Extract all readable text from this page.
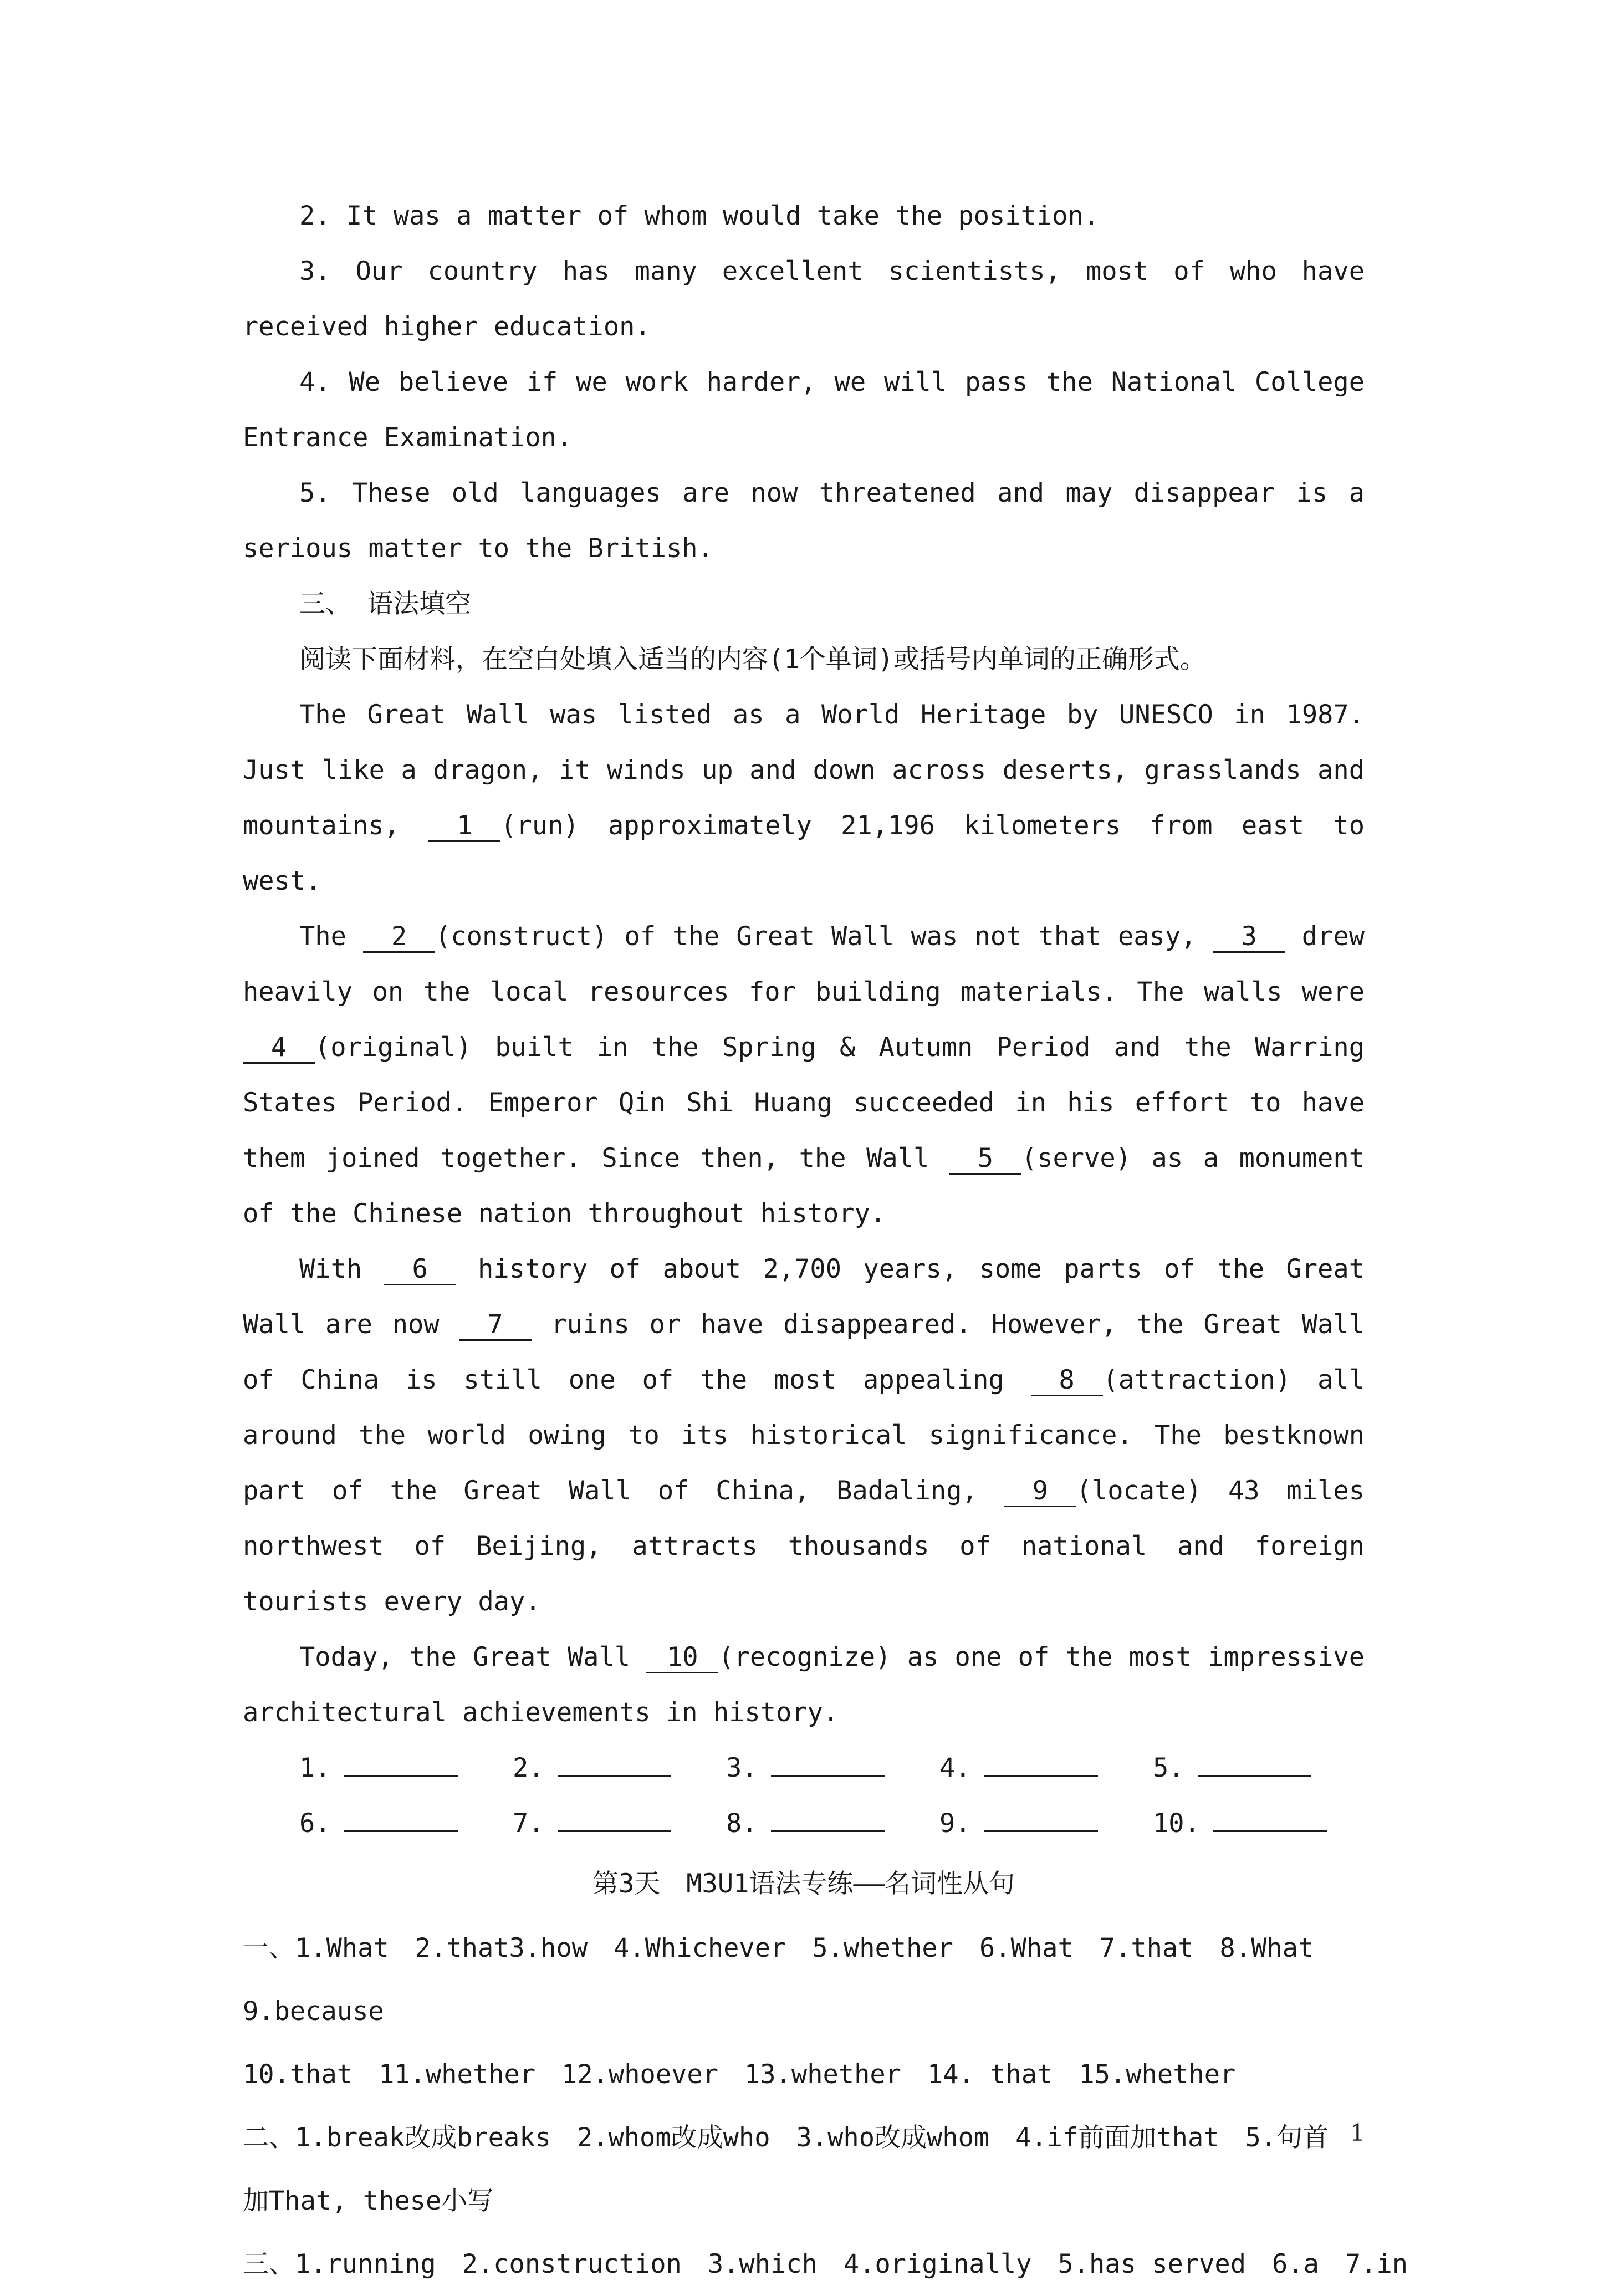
2. It was a matter of whom would take the position.

3. Our country has many excellent scientists, most of who have received higher education.

4. We believe if we work harder, we will pass the National College Entrance Examination.

5. These old languages are now threatened and may disappear is a serious matter to the British.

三、 语法填空

阅读下面材料，在空白处填入适当的内容(1个单词)或括号内单词的正确形式。

The Great Wall was listed as a World Heritage by UNESCO in 1987. Just like a dragon, it winds up and down across deserts, grasslands and mountains, 1 (run) approximately 21,196 kilometers from east to west.

The 2 (construct) of the Great Wall was not that easy, 3 drew heavily on the local resources for building materials. The walls were 4 (original) built in the Spring & Autumn Period and the Warring States Period. Emperor Qin Shi Huang succeeded in his effort to have them joined together. Since then, the Wall 5 (serve) as a monument of the Chinese nation throughout history.

With 6 history of about 2,700 years, some parts of the Great Wall are now 7 ruins or have disappeared. However, the Great Wall of China is still one of the most appealing 8 (attraction) all around the world owing to its historical significance. The bestknown part of the Great Wall of China, Badaling, 9 (locate) 43 miles northwest of Beijing, attracts thousands of national and foreign tourists every day.

Today, the Great Wall 10 (recognize) as one of the most impressive architectural achievements in history.

1.	2.	3.	4.	5.
6.	7.	8.	9.	10.

第3天　M3U1语法专练——名词性从句

一、1.What　2.that3.how　4.Whichever　5.whether　6.What　7.that　8.What　9.because

10.that　11.whether　12.whoever　13.whether　14. that　15.whether

二、1.break改成breaks　2.whom改成who　3.who改成whom　4.if前面加that　5.句首

加That, these小写

三、1.running　2.construction　3.which　4.originally　5.has served　6.a　7.in

1
